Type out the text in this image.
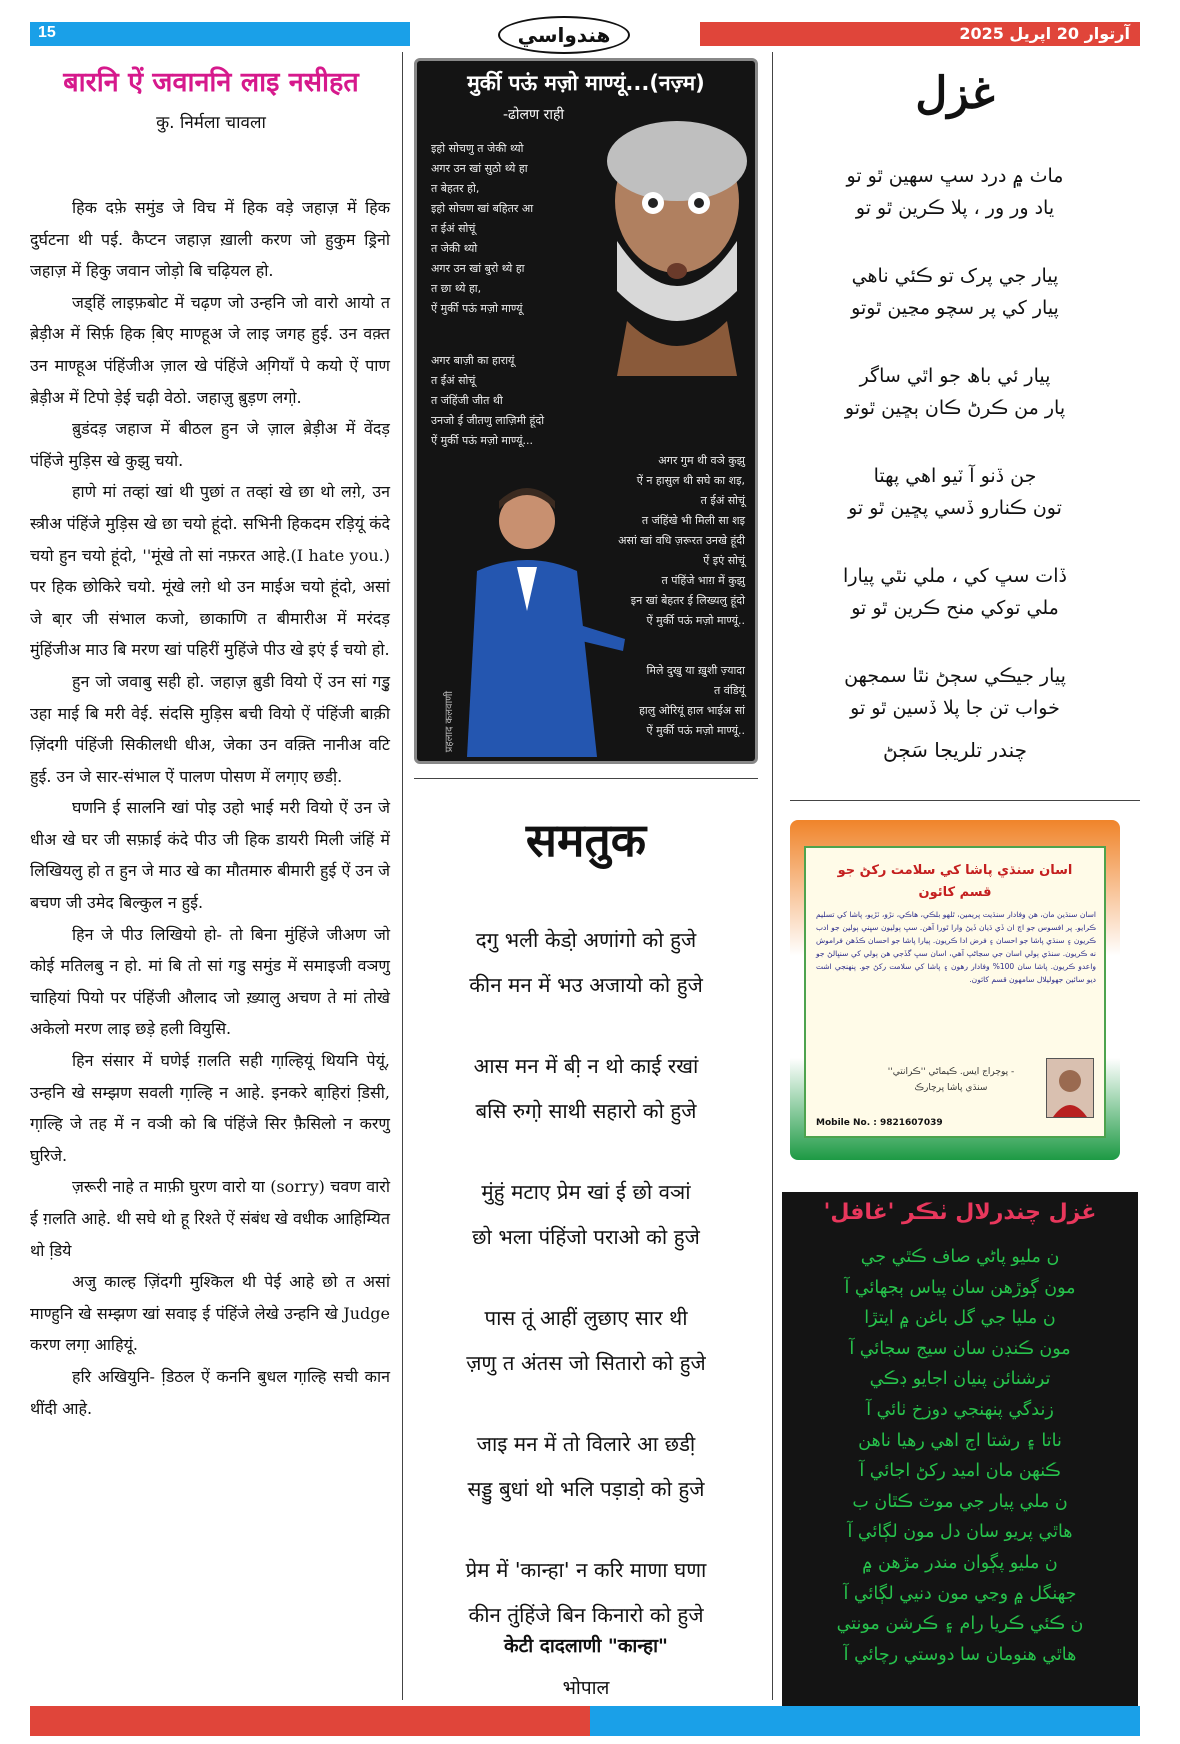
15	هندواسي	آرتوار 20 اپريل 2025
बारनि ऐं जवाननि लाइ नसीहत
कु. निर्मला चावला

हिक दफ़े समुंड जे विच में हिक वडे़ जहाज़ में हिक दुर्घटना थी पई. कैप्टन जहाज़ ख़ाली करण जो हुकुम ड्रिनो जहाज़ में हिकु जवान जोड़ो बि चढ़ियल हो.

जड्हिं लाइफ़बोट में चढ़ण जो उन्हनि जो वारो आयो त बे़ड़ीअ में सिर्फ़ हिक बि़ए माण्हूअ जे लाइ जगह हुई. उन वक़्त उन माण्हूअ पंहिंजीअ ज़ाल खे पंहिंजे अगि़याँ पे कयो ऐं पाण बे़ड़ीअ में टिपो डे़ई चढ़ी वेठो. जहाज़ु बु़ड़ण लगो़.

बु़डंदड़ जहाज में बीठल हुन जे ज़ाल बे़ड़ीअ में वेंदड़ पंहिंजे मुड़िस खे कुझु चयो.

हाणे मां तव्हां खां थी पुछां त तव्हां खे छा थो लगे़, उन स्त्रीअ पंहिंजे मुड़िस खे छा चयो हूंदो. सभिनी हिकदम रड़ियूं कंदे चयो हुन चयो हूंदो, ''मूंखे तो सां नफ़रत आहे.(I hate you.) पर हिक छोकिरे चयो. मूंखे लगे़ थो उन माईअ चयो हूंदो, असां जे बा़र जी संभाल कजो, छाकाणि त बीमारीअ में मरंदड़ मुंहिंजीअ माउ बि मरण खां पहिरीं मुहिंजे पीउ खे इएं ई चयो हो.

हुन जो जवाबु सही हो. जहाज़ बु़डी वियो ऐं उन सां गडु़ उहा माई बि मरी वेई. संदसि मुड़िस बची वियो ऐं पंहिंजी बाक़ी ज़िंदगी पंहिंजी सिकीलधी धीअ, जेका उन वक़्ति नानीअ वटि हुई. उन जे सार-संभाल ऐं पालण पोसण में लगा़ए छडी़.

घणनि ई सालनि खां पोइ उहो भाई मरी वियो ऐं उन जे धीअ खे घर जी सफ़ाई कंदे पीउ जी हिक डायरी मिली जंहिं में लिखियलु हो त हुन जे माउ खे का मौतमारु बीमारी हुई ऐं उन जे बचण जी उमेद बिल्कुल न हुई.

हिन जे पीउ लिखियो हो- तो बिना मुंहिंजे जीअण जो कोई मतिलबु न हो. मां बि तो सां गडु समुंड में समाइजी वञणु चाहियां पियो पर पंहिंजी औलाद जो ख़्यालु अचण ते मां तोखे अकेलो मरण लाइ छडे़ हली वियुसि.

हिन संसार में घणेई ग़लति सही गा़ल्हियूं थियनि पेयूं, उन्हनि खे सम्झण सवली गा़ल्हि न आहे. इनकरे बा़हिरां डि़सी, गा़ल्हि जे तह में न वञी को बि पंहिंजे सिर फ़ैसिलो न करणु घुरिजे.

ज़रूरी नाहे त माफ़ी घुरण वारो या (sorry) चवण वारो ई ग़लति आहे. थी सघे थो हू रिश्ते ऐं संबंध खे वधीक आहिम्यित थो डि़ये

अजु काल्ह ज़िंदगी मुश्किल थी पेई आहे छो त असां माण्हुनि खे सम्झण खां सवाइ ई पंहिंजे लेखे उन्हनि खे Judge करण लगा़ आहियूं.

हरि अखियुनि- डि़ठल ऐं कननि बुधल गा़ल्हि सची कान थींदी आहे.

मुर्की पऊं मज़ो माण्यूं...(नज़्म)
-ढोलण राही
इहो सोचणु त जेकी थ्यो
अगर उन खां सुठो थ्ये हा
त बेहतर हो,
इहो सोचण खां बहितर आ
त ईअं सोचूं
त जेकी थ्यो
अगर उन खां बुरो थ्ये हा
त छा थ्ये हा,
ऐं मुर्की पऊं मज़ो माण्यूं
अगर बाज़ी का हारायूं
त ईअं सोचूं
त जंहिंजी जीत थी
उनजो ई जीतणु लाज़िमी हूंदो
ऐं मुर्की पऊं मज़ो माण्यूं...
अगर गुम थी वञे कुझु
ऐं न हासुल थी सघे का शइ,
त ईअं सोचूं
त जंहिंखे भी मिली सा शइ
असां खां वधि ज़रूरत उनखे हूंदी
ऐं इएं सोचूं
त पंहिंजे भाग़ में कुझु
इन खां बेहतर ई लिख्यलु हूंदो
ऐं मुर्की पऊं मज़ो माण्यूं..
मिले दुखु या ख़ुशी ज़्यादा
त वंडियूं
हालु ओरियूं हाल भाईअ सां
ऐं मुर्की पऊं मज़ो माण्यूं..
प्रहलाद कलवाणी
समतुक
दगु भली केडो़ अणांगो को हुजे
कीन मन में भउ अजायो को हुजे
आस मन में बी़ न थो काई रखां
बसि रुगो़ साथी सहारो को हुजे
मुंहुं मटाए प्रेम खां ई छो वञां
छो भला पंहिंजो पराओ को हुजे
पास तूं आहीं लुछाए सार थी
ज़णु त अंतस जो सितारो को हुजे
जाइ मन में तो विलारे आ छडी़
सड्डु बुधां थो भलि पड़ाडो़ को हुजे
प्रेम में 'कान्हा' न करि माणा घणा
कीन तुंहिंजे बिन किनारो को हुजे
केटी दादलाणी "कान्हा"
भोपाल
غزل
ماٺ ۾ درد سڀ سهين ٿو تو
ياد ور ور ، پلا ڪرين ٿو تو
پيار جي پرک تو ڪئي ناهي
پيار کي پر سچو مڃين ٿوتو
پيار ئي باھ جو اٿي ساگر
پار من ڪرڻ ڪان ٻڇين ٿوتو
جن ڏنو آ ٽيو اهي پهتا
تون ڪنارو ڏسي پڇين ٿو تو
ڏات سڀ کي ، ملي نٿي پيارا
ملي توکي منح ڪرين ٿو تو
پيار جيڪي سڄڻ نٿا سمجهن
خواب تن جا پلا ڏسين ٿو تو
چندر تلريجا سَڄڻ
اسان سنڌي پاشا کي سلامت رکڻ جو
قسم کائون
اسان سنڌين مان، هن وفادار سنڌيت پريمين، ٿلهو بلڪي، هاڪي، نڙو، ٽڙيو، پاشا کي تسليم ڪرايو. پر افسوس جو اڄ ان ڏي ڌيان ڏيڻ وارا ٿورا آهن. سڀ ٻوليون سڀني ٻولين جو ادب ڪريون ۽ سنڌي پاشا جو احسان ۽ فرض ادا ڪريون. پيارا پاشا جو احسان ڪڏهن فراموش نه ڪريون. سنڌي ٻولي اسان جي سڃاڻپ آهي، اسان سڀ گڏجي هن ٻولي کي سنڀالڻ جو واعدو ڪريون. پاشا سان 100% وفادار رهون ۽ پاشا کي سلامت رکڻ جو. پنهنجي اشت ديو سائين جهوليلال سامهون قسم کائون.
- پوڄراج ايس. ڪيماڻي ''ڪرانتي''
سنڌي پاشا پرچارڪ
Mobile No. : 9821607039
غزل چندرلال ٺڪر 'غافل'
ن مليو پاڻي صاف ڪٿي جي
مون ڳوڙهن سان پياس ٻجهائي آ
ن مليا جي گل باغن ۾ ايتڙا
مون ڪنڊن سان سيج سجائي آ
ترشنائن پنيان اجايو ڊڪي
زندگي پنهنجي دوزخ ٺائي آ
ناتا ۽ رشتا اڄ اهي رهيا ناهن
ڪنهن مان اميد رکڻ اجائي آ
ن ملي پيار جي موٽ ڪٿان ب
هاٿي پريو سان دل مون لڳائي آ
ن مليو پڳوان مندر مڙهن ۾
جهنگل ۾ وڃي مون دنيي لڳائي آ
ن ڪئي ڪريا رام ۽ ڪرشن مونتي
هاٿي هنومان سا دوستي رچائي آ
